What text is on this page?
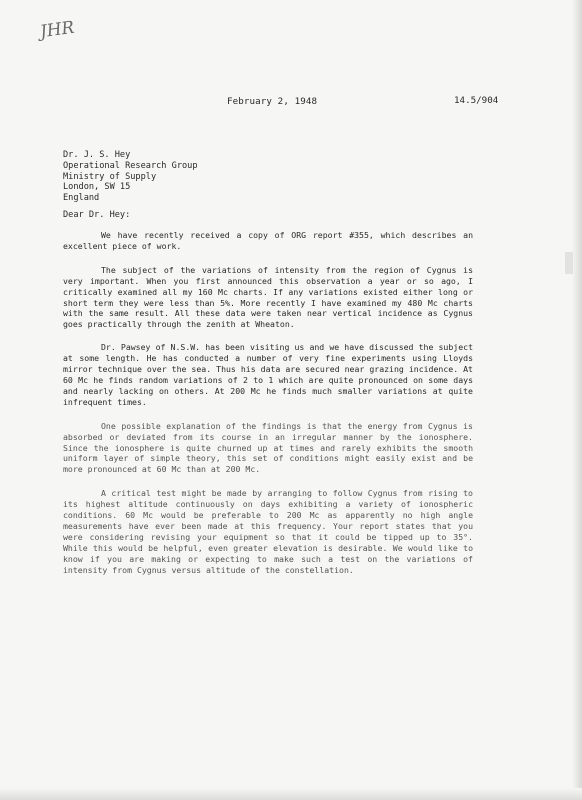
JHR
February 2, 1948	14.5/904
Dr. J. S. Hey
Operational Research Group
Ministry of Supply
London, SW 15
England
Dear Dr. Hey:

We have recently received a copy of ORG report #355, which describes an excellent piece of work.

The subject of the variations of intensity from the region of Cygnus is very important. When you first announced this observation a year or so ago, I critically examined all my 160 Mc charts. If any variations existed either long or short term they were less than 5%. More recently I have examined my 480 Mc charts with the same result. All these data were taken near vertical incidence as Cygnus goes practically through the zenith at Wheaton.

Dr. Pawsey of N.S.W. has been visiting us and we have discussed the subject at some length. He has conducted a number of very fine experiments using Lloyds mirror technique over the sea. Thus his data are secured near grazing incidence. At 60 Mc he finds random variations of 2 to 1 which are quite pronounced on some days and nearly lacking on others. At 200 Mc he finds much smaller variations at quite infrequent times.

One possible explanation of the findings is that the energy from Cygnus is absorbed or deviated from its course in an irregular manner by the ionosphere. Since the ionosphere is quite churned up at times and rarely exhibits the smooth uniform layer of simple theory, this set of conditions might easily exist and be more pronounced at 60 Mc than at 200 Mc.

A critical test might be made by arranging to follow Cygnus from rising to its highest altitude continuously on days exhibiting a variety of ionospheric conditions. 60 Mc would be preferable to 200 Mc as apparently no high angle measurements have ever been made at this frequency. Your report states that you were considering revising your equipment so that it could be tipped up to 35°. While this would be helpful, even greater elevation is desirable. We would like to know if you are making or expecting to make such a test on the variations of intensity from Cygnus versus altitude of the constellation.
